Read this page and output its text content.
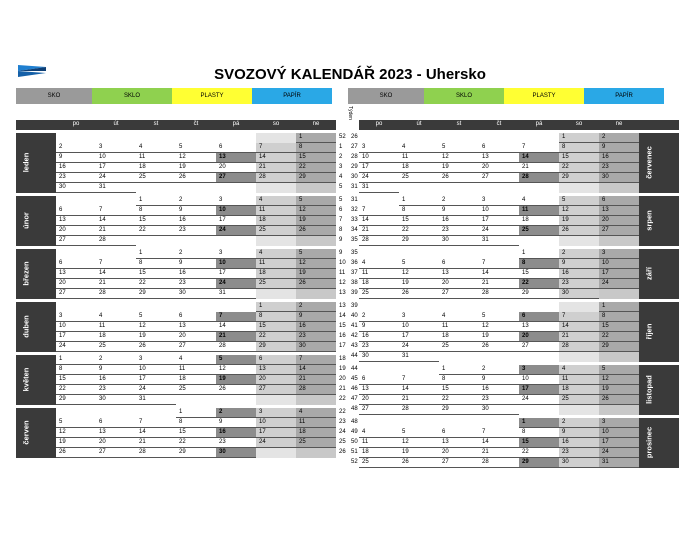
SVOZOVÝ KALENDÁŘ 2023 - Uhersko
SKO	SKLO	PLASTY	PAPÍR	SKO	SKLO	PLASTY	PAPÍR
Týden
	po	út	st	čt	pá	so	ne	

leden							1	52
	2	3	4	5	6	7	8	1
	9	10	11	12	13	14	15	2
	16	17	18	19	20	21	22	3
	23	24	25	26	27	28	29	4
	30	31						5

únor			1	2	3	4	5	5
	6	7	8	9	10	11	12	6
	13	14	15	16	17	18	19	7
	20	21	22	23	24	25	26	8
	27	28						9

březen			1	2	3	4	5	9
	6	7	8	9	10	11	12	10
	13	14	15	16	17	18	19	11
	20	21	22	23	24	25	26	12
	27	28	29	30	31			13

duben						1	2	13
	3	4	5	6	7	8	9	14
	10	11	12	13	14	15	16	15
	17	18	19	20	21	22	23	16
	24	25	26	27	28	29	30	17

květen	1	2	3	4	5	6	7	18
	8	9	10	11	12	13	14	19
	15	16	17	18	19	20	21	20
	22	23	24	25	26	27	28	21
	29	30	31					22

červen				1	2	3	4	22
	5	6	7	8	9	10	11	23
	12	13	14	15	16	17	18	24
	19	20	21	22	23	24	25	25
	26	27	28	29	30			26
	po	út	st	čt	pá	so	ne	

26						1	2	červenec

27	3	4	5	6	7	8	9	
28	10	11	12	13	14	15	16	
29	17	18	19	20	21	22	23	
30	24	25	26	27	28	29	30	
31	31							

31		1	2	3	4	5	6	srpen

32	7	8	9	10	11	12	13	
33	14	15	16	17	18	19	20	
34	21	22	23	24	25	26	27	
35	28	29	30	31				

35					1	2	3	září

36	4	5	6	7	8	9	10	
37	11	12	13	14	15	16	17	
38	18	19	20	21	22	23	24	
39	25	26	27	28	29	30		

39							1	říjen

40	2	3	4	5	6	7	8	
41	9	10	11	12	13	14	15	
42	16	17	18	19	20	21	22	
43	23	24	25	26	27	28	29	
44	30	31						

44			1	2	3	4	5	listopad

45	6	7	8	9	10	11	12	
46	13	14	15	16	17	18	19	
47	20	21	22	23	24	25	26	
48	27	28	29	30				

48					1	2	3	prosinec

49	4	5	6	7	8	9	10	
50	11	12	13	14	15	16	17	
51	18	19	20	21	22	23	24	
52	25	26	27	28	29	30	31	
